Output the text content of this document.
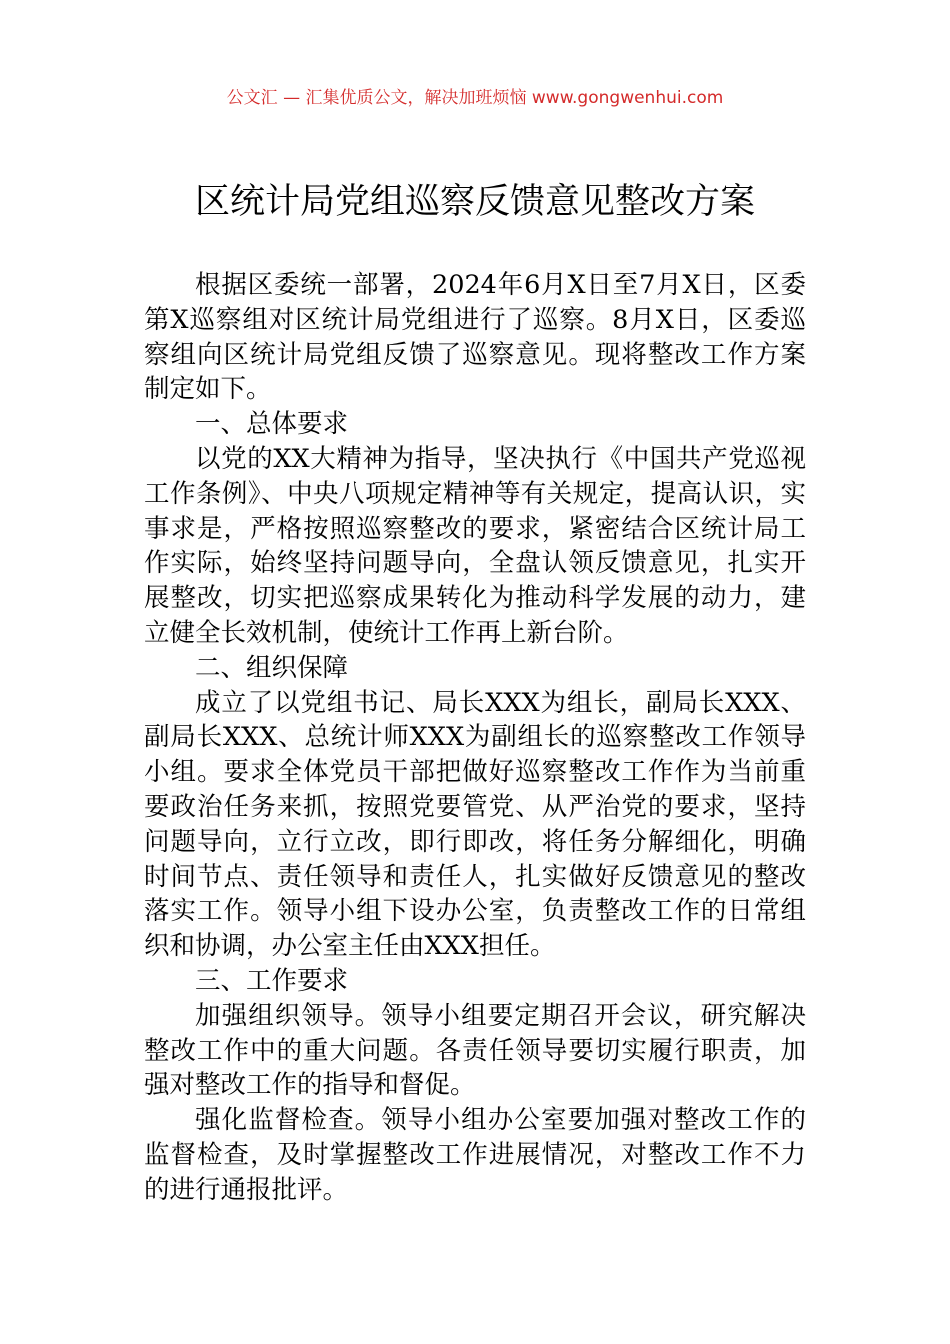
公文汇 — 汇集优质公文，解决加班烦恼 www.gongwenhui.com
区统计局党组巡察反馈意见整改方案

根据区委统一部署，2024年6月X日至7月X日，区委第X巡察组对区统计局党组进行了巡察。8月X日，区委巡察组向区统计局党组反馈了巡察意见。现将整改工作方案制定如下。

一、总体要求

以党的XX大精神为指导，坚决执行《中国共产党巡视工作条例》、中央八项规定精神等有关规定，提高认识，实事求是，严格按照巡察整改的要求，紧密结合区统计局工作实际，始终坚持问题导向，全盘认领反馈意见，扎实开展整改，切实把巡察成果转化为推动科学发展的动力，建立健全长效机制，使统计工作再上新台阶。

二、组织保障

成立了以党组书记、局长XXX为组长，副局长XXX、副局长XXX、总统计师XXX为副组长的巡察整改工作领导小组。要求全体党员干部把做好巡察整改工作作为当前重要政治任务来抓，按照党要管党、从严治党的要求，坚持问题导向，立行立改，即行即改，将任务分解细化，明确时间节点、责任领导和责任人，扎实做好反馈意见的整改落实工作。领导小组下设办公室，负责整改工作的日常组织和协调，办公室主任由XXX担任。

三、工作要求

加强组织领导。领导小组要定期召开会议，研究解决整改工作中的重大问题。各责任领导要切实履行职责，加强对整改工作的指导和督促。

强化监督检查。领导小组办公室要加强对整改工作的监督检查，及时掌握整改工作进展情况，对整改工作不力的进行通报批评。
